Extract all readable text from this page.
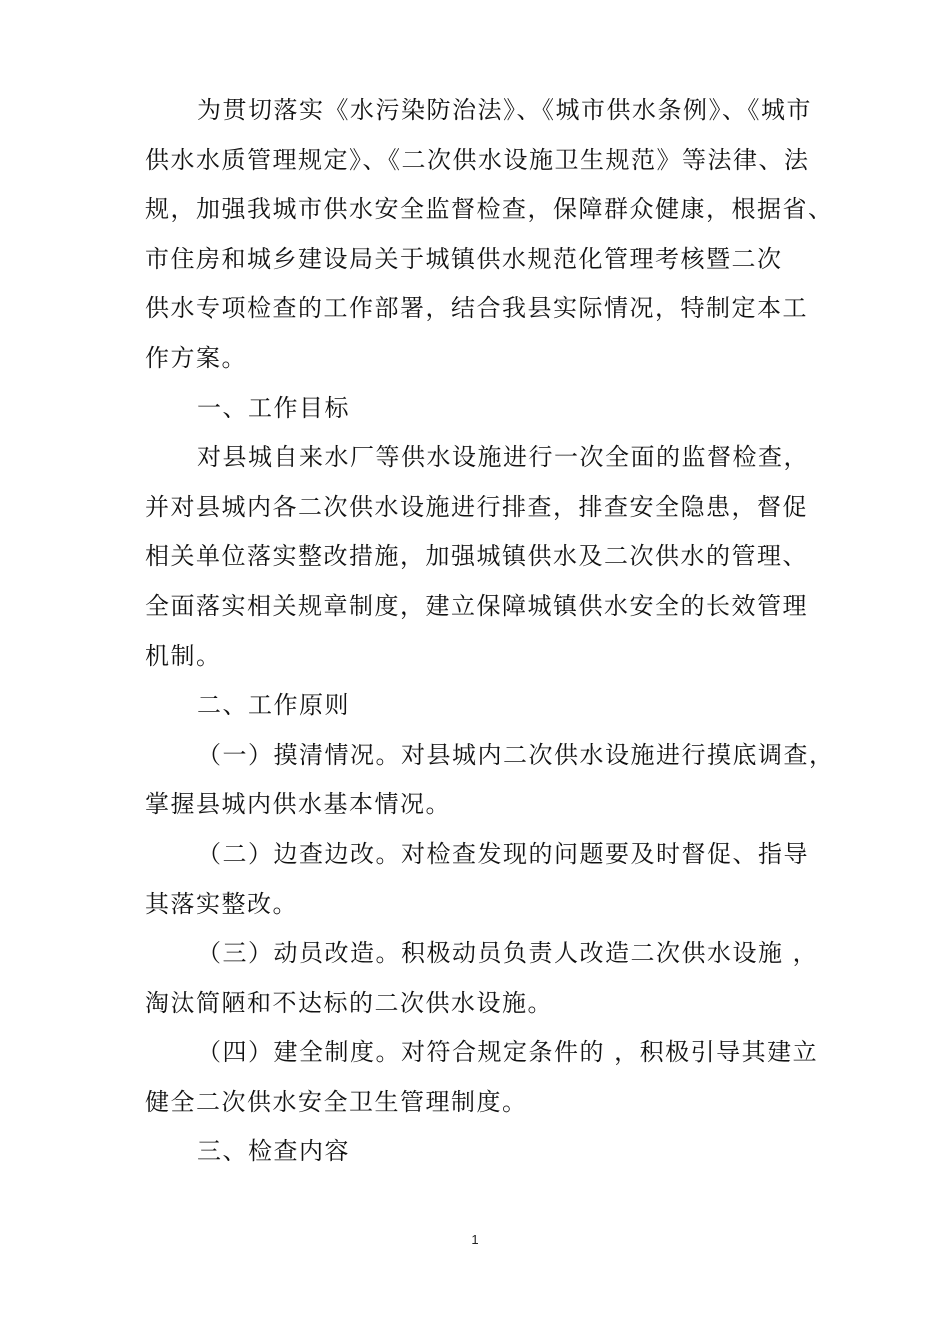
为贯切落实《水污染防治法》、《城市供水条例》、《城市
供水水质管理规定》、《二次供水设施卫生规范》等法律、法
规，加强我城市供水安全监督检查，保障群众健康，根据省、
市住房和城乡建设局关于城镇供水规范化管理考核暨二次
供水专项检查的工作部署，结合我县实际情况，特制定本工
作方案。
一、工作目标
对县城自来水厂等供水设施进行一次全面的监督检查，
并对县城内各二次供水设施进行排查，排查安全隐患，督促
相关单位落实整改措施，加强城镇供水及二次供水的管理、
全面落实相关规章制度，建立保障城镇供水安全的长效管理
机制。
二、工作原则
（一）摸清情况。对县城内二次供水设施进行摸底调查，
掌握县城内供水基本情况。
（二）边查边改。对检查发现的问题要及时督促、指导
其落实整改。
（三）动员改造。积极动员负责人改造二次供水设施 ，
淘汰简陋和不达标的二次供水设施。
（四）建全制度。对符合规定条件的 ，积极引导其建立
健全二次供水安全卫生管理制度。
三、检查内容
1
